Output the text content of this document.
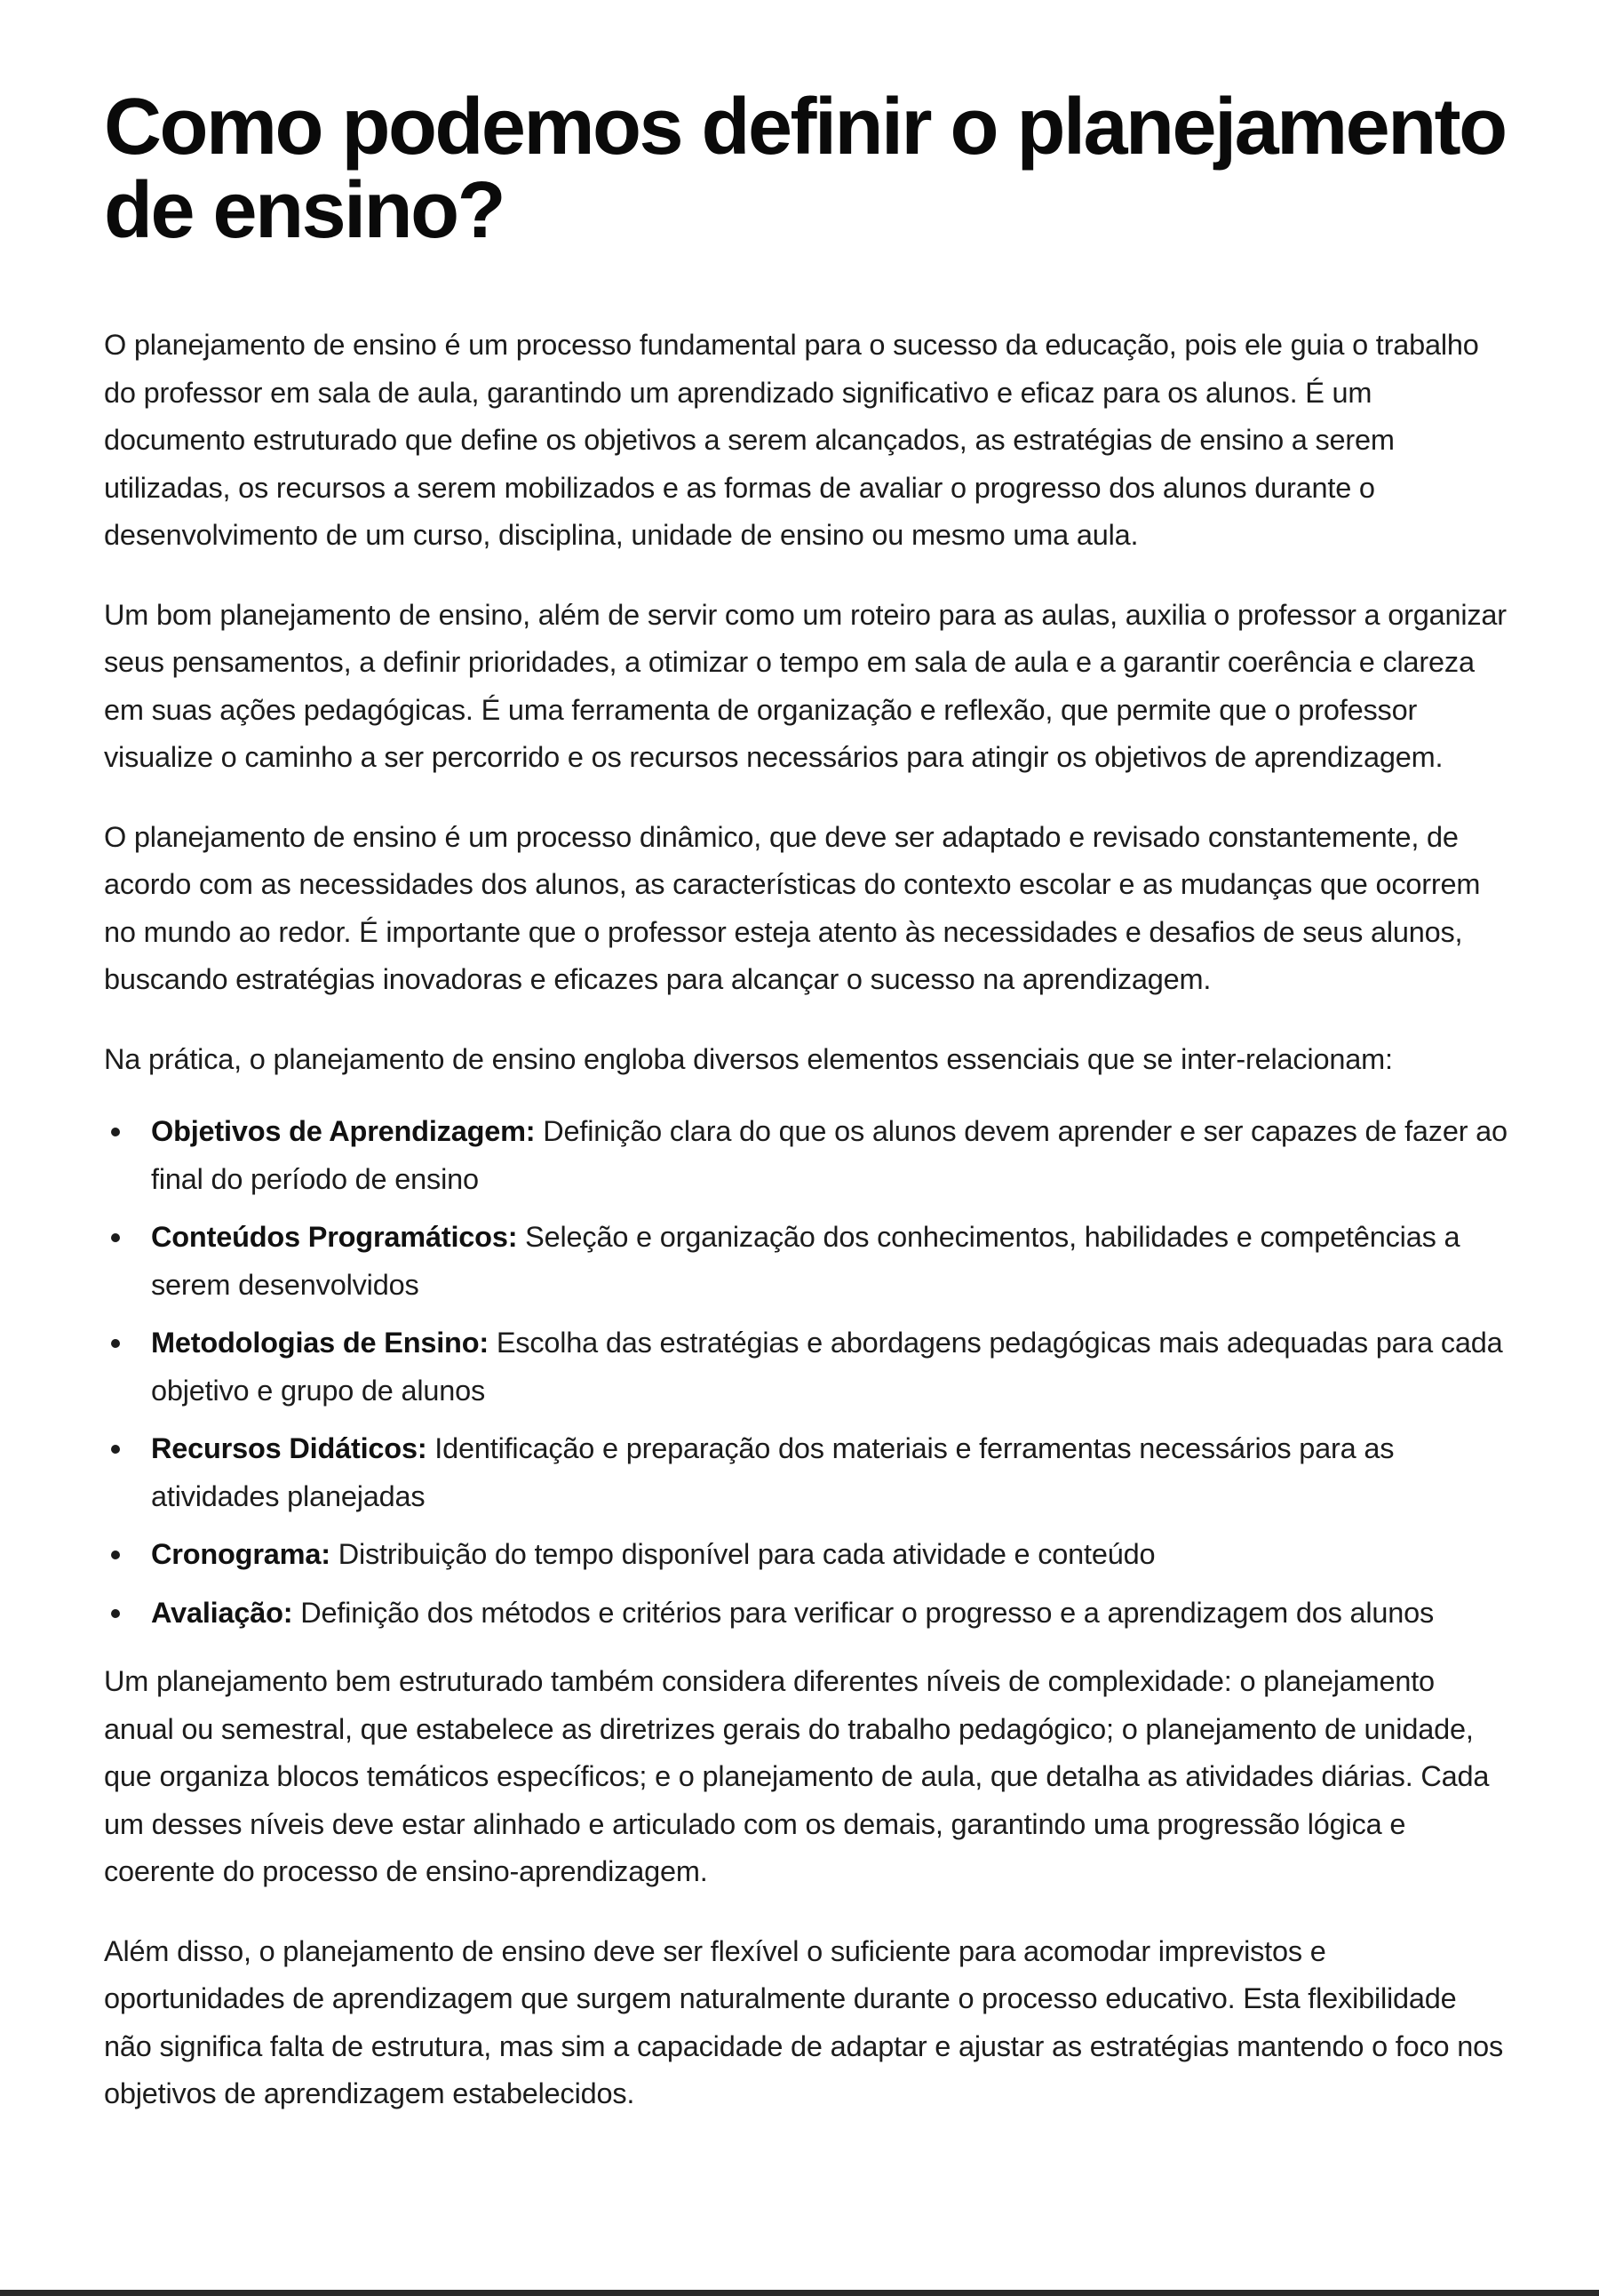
Como podemos definir o planejamento de ensino?

O planejamento de ensino é um processo fundamental para o sucesso da educação, pois ele guia o trabalho do professor em sala de aula, garantindo um aprendizado significativo e eficaz para os alunos. É um documento estruturado que define os objetivos a serem alcançados, as estratégias de ensino a serem utilizadas, os recursos a serem mobilizados e as formas de avaliar o progresso dos alunos durante o desenvolvimento de um curso, disciplina, unidade de ensino ou mesmo uma aula.

Um bom planejamento de ensino, além de servir como um roteiro para as aulas, auxilia o professor a organizar seus pensamentos, a definir prioridades, a otimizar o tempo em sala de aula e a garantir coerência e clareza em suas ações pedagógicas. É uma ferramenta de organização e reflexão, que permite que o professor visualize o caminho a ser percorrido e os recursos necessários para atingir os objetivos de aprendizagem.

O planejamento de ensino é um processo dinâmico, que deve ser adaptado e revisado constantemente, de acordo com as necessidades dos alunos, as características do contexto escolar e as mudanças que ocorrem no mundo ao redor. É importante que o professor esteja atento às necessidades e desafios de seus alunos, buscando estratégias inovadoras e eficazes para alcançar o sucesso na aprendizagem.

Na prática, o planejamento de ensino engloba diversos elementos essenciais que se inter-relacionam:

Objetivos de Aprendizagem: Definição clara do que os alunos devem aprender e ser capazes de fazer ao final do período de ensino
Conteúdos Programáticos: Seleção e organização dos conhecimentos, habilidades e competências a serem desenvolvidos
Metodologias de Ensino: Escolha das estratégias e abordagens pedagógicas mais adequadas para cada objetivo e grupo de alunos
Recursos Didáticos: Identificação e preparação dos materiais e ferramentas necessários para as atividades planejadas
Cronograma: Distribuição do tempo disponível para cada atividade e conteúdo
Avaliação: Definição dos métodos e critérios para verificar o progresso e a aprendizagem dos alunos

Um planejamento bem estruturado também considera diferentes níveis de complexidade: o planejamento anual ou semestral, que estabelece as diretrizes gerais do trabalho pedagógico; o planejamento de unidade, que organiza blocos temáticos específicos; e o planejamento de aula, que detalha as atividades diárias. Cada um desses níveis deve estar alinhado e articulado com os demais, garantindo uma progressão lógica e coerente do processo de ensino-aprendizagem.

Além disso, o planejamento de ensino deve ser flexível o suficiente para acomodar imprevistos e oportunidades de aprendizagem que surgem naturalmente durante o processo educativo. Esta flexibilidade não significa falta de estrutura, mas sim a capacidade de adaptar e ajustar as estratégias mantendo o foco nos objetivos de aprendizagem estabelecidos.
